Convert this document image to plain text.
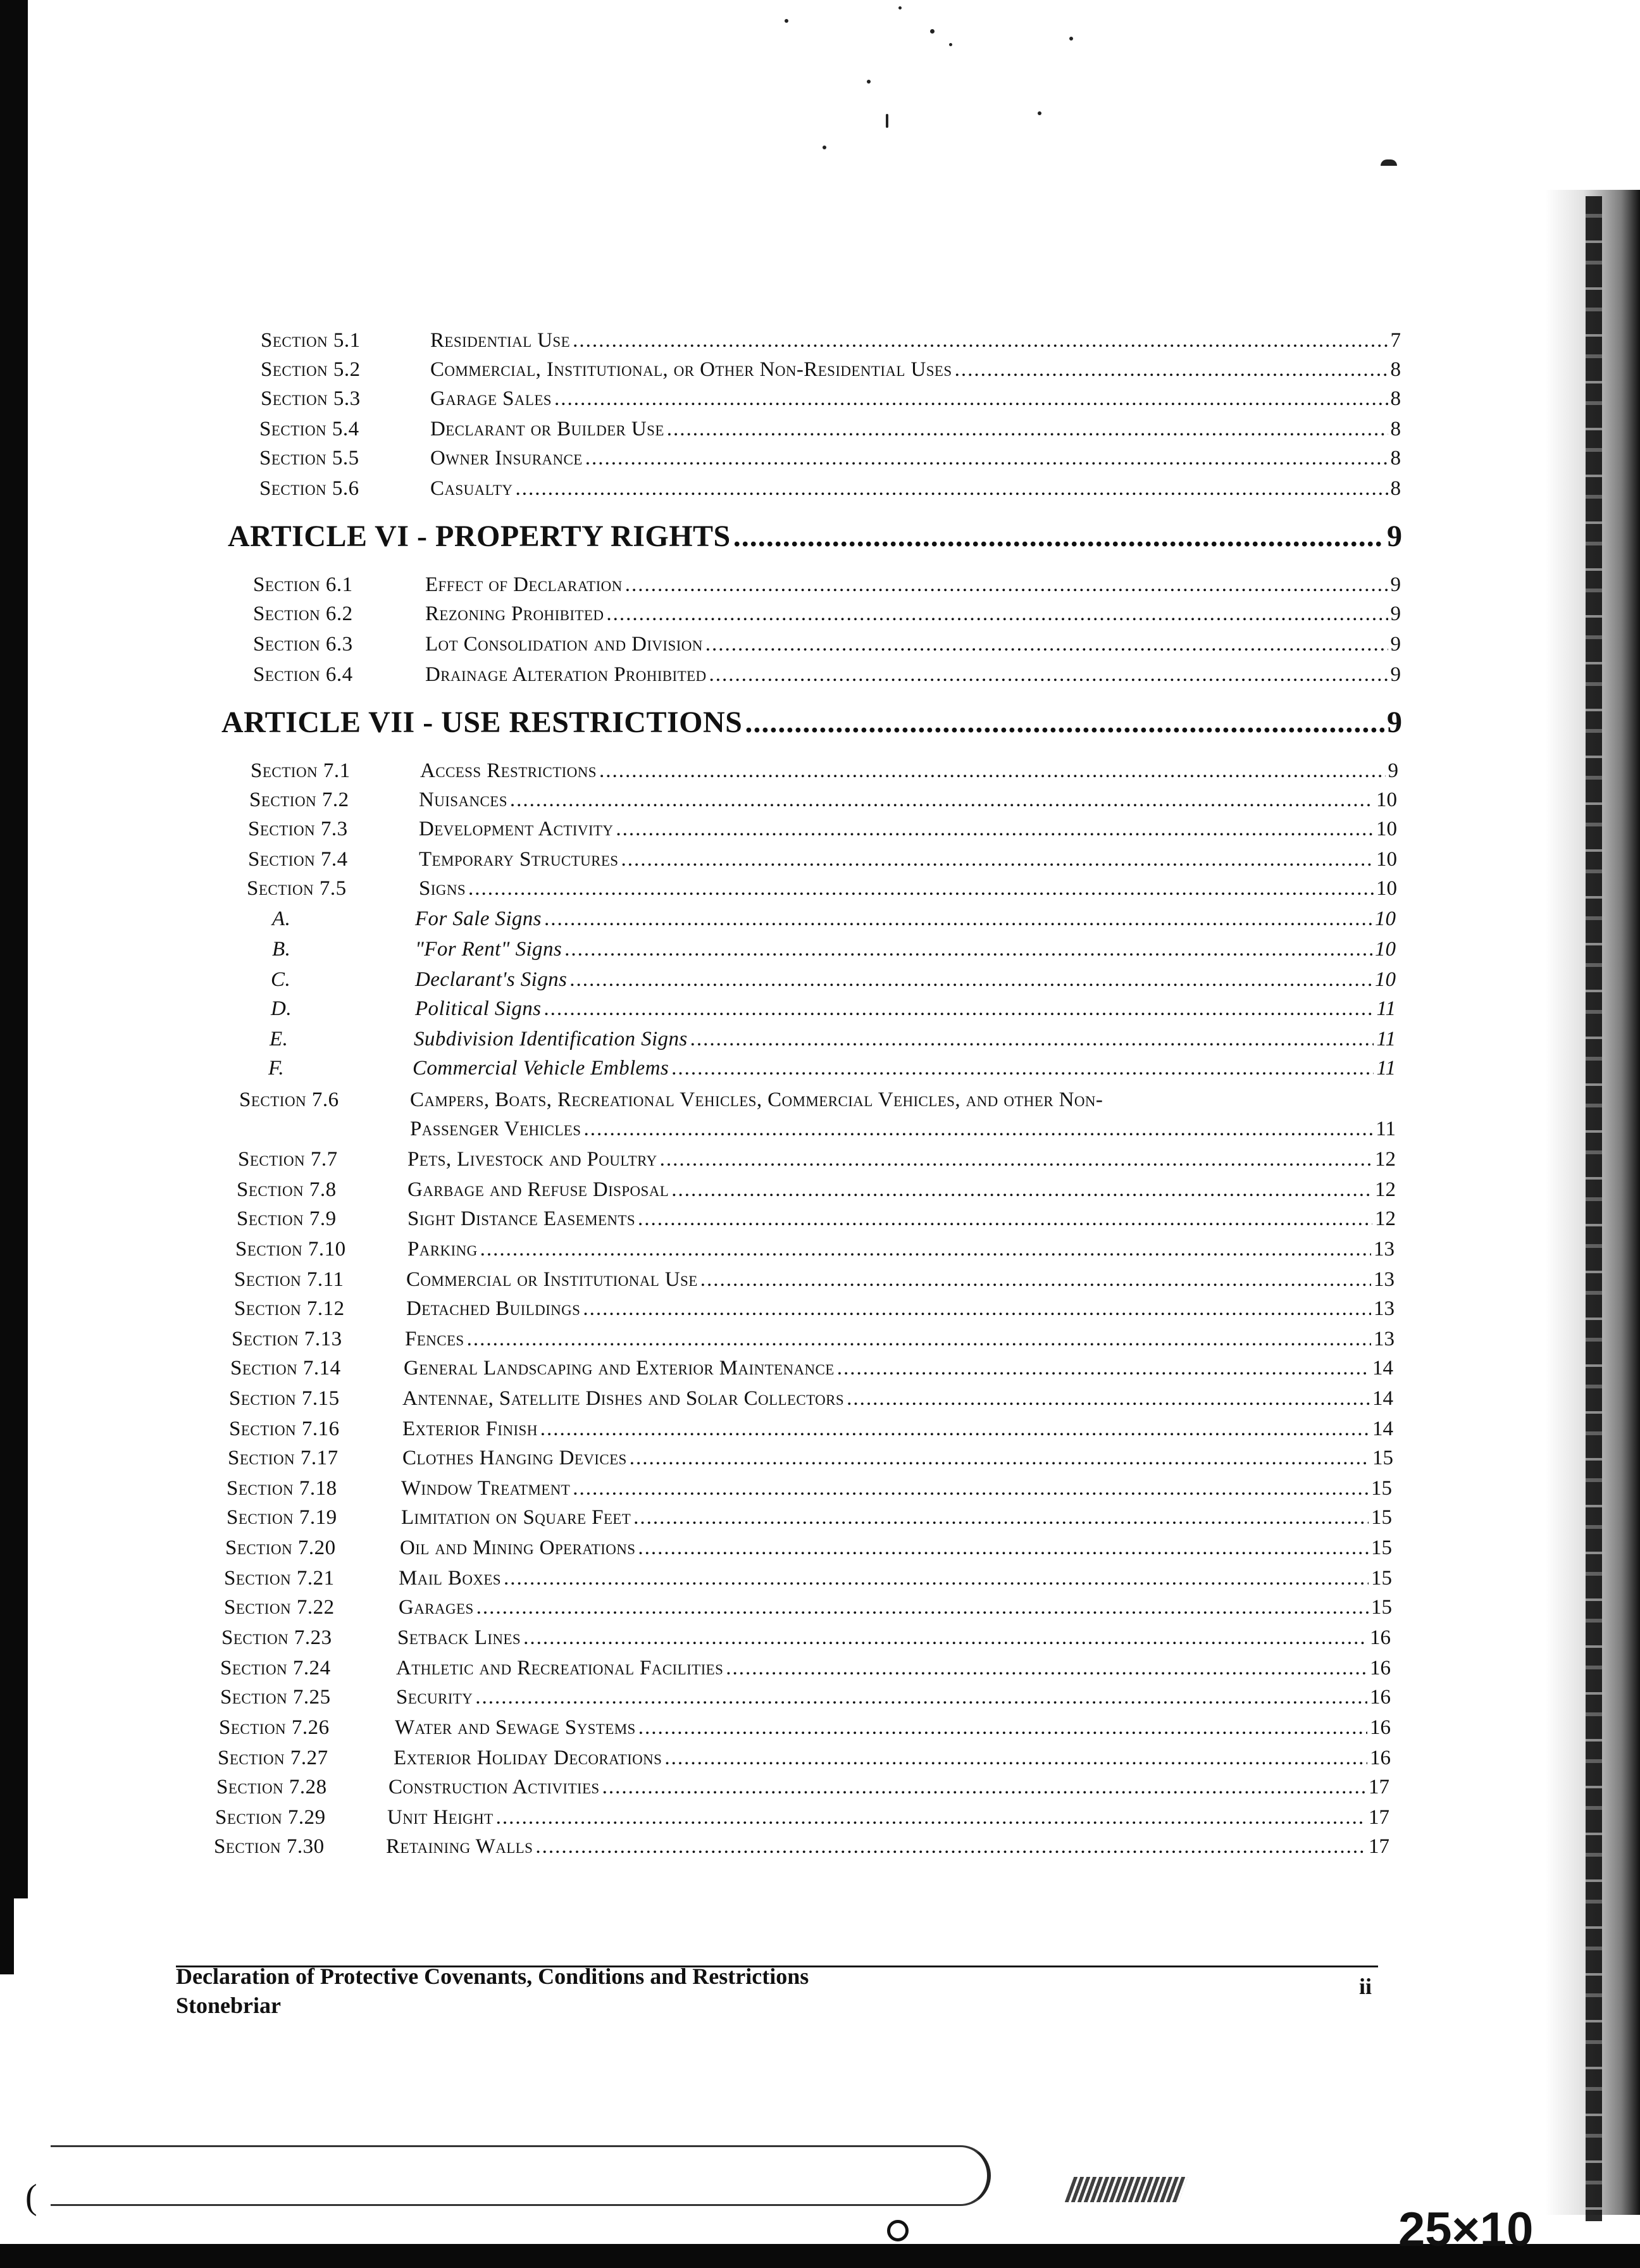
Section 5.1	Residential Use .....	7
Section 5.2	Commercial, Institutional, or Other Non-Residential Uses .....	8
Section 5.3	Garage Sales .....	8
Section 5.4	Declarant or Builder Use .....	8
Section 5.5	Owner Insurance .....	8
Section 5.6	Casualty .....	8
ARTICLE VI - PROPERTY RIGHTS .....	9
Section 6.1	Effect of Declaration .....	9
Section 6.2	Rezoning Prohibited .....	9
Section 6.3	Lot Consolidation and Division .....	9
Section 6.4	Drainage Alteration Prohibited .....	9
ARTICLE VII - USE RESTRICTIONS .....	9
Section 7.1	Access Restrictions .....	9
Section 7.2	Nuisances .....	10
Section 7.3	Development Activity .....	10
Section 7.4	Temporary Structures .....	10
Section 7.5	Signs .....	10
A.	For Sale Signs .....	10
B.	"For Rent" Signs .....	10
C.	Declarant's Signs .....	10
D.	Political Signs .....	11
E.	Subdivision Identification Signs .....	11
F.	Commercial Vehicle Emblems .....	11
Section 7.6	Campers, Boats, Recreational Vehicles, Commercial Vehicles, and other Non-
Passenger Vehicles .....	11
Section 7.7	Pets, Livestock and Poultry .....	12
Section 7.8	Garbage and Refuse Disposal .....	12
Section 7.9	Sight Distance Easements .....	12
Section 7.10	Parking .....	13
Section 7.11	Commercial or Institutional Use .....	13
Section 7.12	Detached Buildings .....	13
Section 7.13	Fences .....	13
Section 7.14	General Landscaping and Exterior Maintenance .....	14
Section 7.15	Antennae, Satellite Dishes and Solar Collectors .....	14
Section 7.16	Exterior Finish .....	14
Section 7.17	Clothes Hanging Devices .....	15
Section 7.18	Window Treatment .....	15
Section 7.19	Limitation on Square Feet .....	15
Section 7.20	Oil and Mining Operations .....	15
Section 7.21	Mail Boxes .....	15
Section 7.22	Garages .....	15
Section 7.23	Setback Lines .....	16
Section 7.24	Athletic and Recreational Facilities .....	16
Section 7.25	Security .....	16
Section 7.26	Water and Sewage Systems .....	16
Section 7.27	Exterior Holiday Decorations .....	16
Section 7.28	Construction Activities .....	17
Section 7.29	Unit Height .....	17
Section 7.30	Retaining Walls .....	17
Declaration of Protective Covenants, Conditions and Restrictions
Stonebriar
ii
(
25×10
